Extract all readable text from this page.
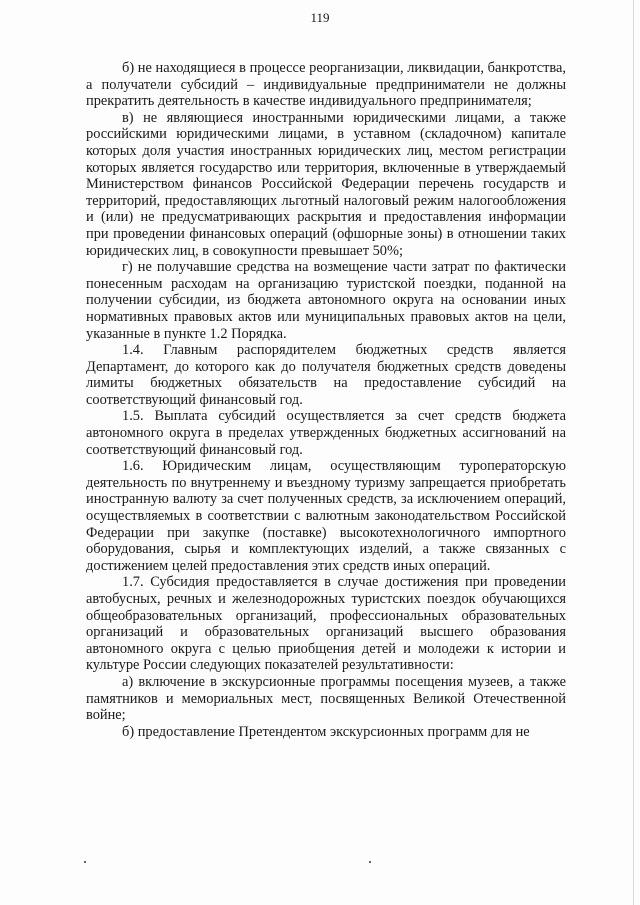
119

б) не находящиеся в процессе реорганизации, ликвидации, банкротства, а получатели субсидий – индивидуальные предприниматели не должны прекратить деятельность в качестве индивидуального предпринимателя;

в) не являющиеся иностранными юридическими лицами, а также российскими юридическими лицами, в уставном (складочном) капитале которых доля участия иностранных юридических лиц, местом регистрации которых является государство или территория, включенные в утверждаемый Министерством финансов Российской Федерации перечень государств и территорий, предоставляющих льготный налоговый режим налогообложения и (или) не предусматривающих раскрытия и предоставления информации при проведении финансовых операций (офшорные зоны) в отношении таких юридических лиц, в совокупности превышает 50%;

г) не получавшие средства на возмещение части затрат по фактически понесенным расходам на организацию туристской поездки, поданной на получении субсидии, из бюджета автономного округа на основании иных нормативных правовых актов или муниципальных правовых актов на цели, указанные в пункте 1.2 Порядка.

1.4. Главным распорядителем бюджетных средств является Департамент, до которого как до получателя бюджетных средств доведены лимиты бюджетных обязательств на предоставление субсидий на соответствующий финансовый год.

1.5. Выплата субсидий осуществляется за счет средств бюджета автономного округа в пределах утвержденных бюджетных ассигнований на соответствующий финансовый год.

1.6. Юридическим лицам, осуществляющим туроператорскую деятельность по внутреннему и въездному туризму запрещается приобретать иностранную валюту за счет полученных средств, за исключением операций, осуществляемых в соответствии с валютным законодательством Российской Федерации при закупке (поставке) высокотехнологичного импортного оборудования, сырья и комплектующих изделий, а также связанных с достижением целей предоставления этих средств иных операций.

1.7. Субсидия предоставляется в случае достижения при проведении автобусных, речных и железнодорожных туристских поездок обучающихся общеобразовательных организаций, профессиональных образовательных организаций и образовательных организаций высшего образования автономного округа с целью приобщения детей и молодежи к истории и культуре России следующих показателей результативности:

а) включение в экскурсионные программы посещения музеев, а также памятников и мемориальных мест, посвященных Великой Отечественной войне;

б) предоставление Претендентом экскурсионных программ для не
